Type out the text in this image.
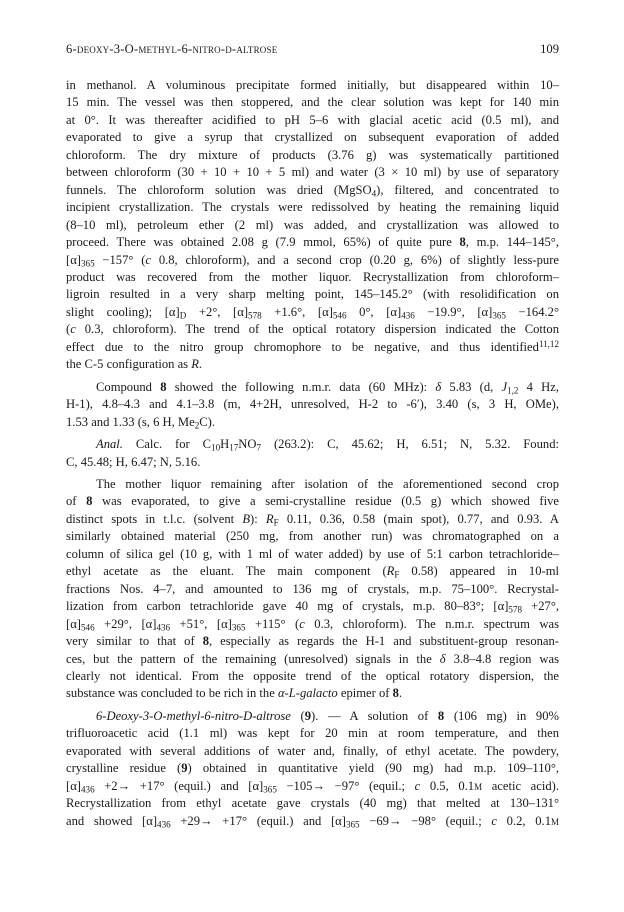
6-deoxy-3-O-methyl-6-nitro-d-altrose	109
in methanol. A voluminous precipitate formed initially, but disappeared within 10–
15 min. The vessel was then stoppered, and the clear solution was kept for 140 min
at 0°. It was thereafter acidified to pH 5–6 with glacial acetic acid (0.5 ml), and
evaporated to give a syrup that crystallized on subsequent evaporation of added
chloroform. The dry mixture of products (3.76 g) was systematically partitioned
between chloroform (30 + 10 + 10 + 5 ml) and water (3 × 10 ml) by use of separatory
funnels. The chloroform solution was dried (MgSO$_4$), filtered, and concentrated to
incipient crystallization. The crystals were redissolved by heating the remaining liquid
(8–10 ml), petroleum ether (2 ml) was added, and crystallization was allowed to
proceed. There was obtained 2.08 g (7.9 mmol, 65%) of quite pure 8, m.p. 144–145°,
$[\alpha]_{365} -157^\circ$ (c 0.8, chloroform), and a second crop (0.20 g, 6%) of slightly less-pure
product was recovered from the mother liquor. Recrystallization from chloroform–
ligroin resulted in a very sharp melting point, 145–145.2° (with resolidification on
slight cooling); $[\alpha]_D +2^\circ$, $[\alpha]_{578} +1.6^\circ$, $[\alpha]_{546}$ 0°, $[\alpha]_{436} -19.9^\circ$, $[\alpha]_{365} -164.2^\circ$
(c 0.3, chloroform). The trend of the optical rotatory dispersion indicated the Cotton
effect due to the nitro group chromophore to be negative, and thus identified$^{11,12}$
the C-5 configuration as R.
Compound 8 showed the following n.m.r. data (60 MHz): δ 5.83 (d, $J_{1,2}$ 4 Hz,
H-1), 4.8–4.3 and 4.1–3.8 (m, 4+2H, unresolved, H-2 to -6′), 3.40 (s, 3 H, OMe),
1.53 and 1.33 (s, 6 H, $Me_2C$).
Anal. Calc. for $C_{10}H_{17}NO_7$ (263.2): C, 45.62; H, 6.51; N, 5.32. Found:
C, 45.48; H, 6.47; N, 5.16.
The mother liquor remaining after isolation of the aforementioned second crop
of 8 was evaporated, to give a semi-crystalline residue (0.5 g) which showed five
distinct spots in t.l.c. (solvent B): $R_F$ 0.11, 0.36, 0.58 (main spot), 0.77, and 0.93. A
similarly obtained material (250 mg, from another run) was chromatographed on a
column of silica gel (10 g, with 1 ml of water added) by use of 5:1 carbon tetrachloride–
ethyl acetate as the eluant. The main component ($R_F$ 0.58) appeared in 10-ml
fractions Nos. 4–7, and amounted to 136 mg of crystals, m.p. 75–100°. Recrystal-
lization from carbon tetrachloride gave 40 mg of crystals, m.p. 80–83°; $[\alpha]_{578} +27^\circ$,
$[\alpha]_{546} +29^\circ$, $[\alpha]_{436} +51^\circ$, $[\alpha]_{365} +115^\circ$ (c 0.3, chloroform). The n.m.r. spectrum was
very similar to that of 8, especially as regards the H-1 and substituent-group resonan-
ces, but the pattern of the remaining (unresolved) signals in the δ 3.8–4.8 region was
clearly not identical. From the opposite trend of the optical rotatory dispersion, the
substance was concluded to be rich in the α-L-galacto epimer of 8.
6-Deoxy-3-O-methyl-6-nitro-D-altrose (9). — A solution of 8 (106 mg) in 90%
trifluoroacetic acid (1.1 ml) was kept for 20 min at room temperature, and then
evaporated with several additions of water and, finally, of ethyl acetate. The powdery,
crystalline residue (9) obtained in quantitative yield (90 mg) had m.p. 109–110°,
$[\alpha]_{436} +2\to +17^\circ$ (equil.) and $[\alpha]_{365} -105\to -97^\circ$ (equil.; c 0.5, 0.1m acetic acid).
Recrystallization from ethyl acetate gave crystals (40 mg) that melted at 130–131°
and showed $[\alpha]_{436} +29\to +17^\circ$ (equil.) and $[\alpha]_{365} -69\to -98^\circ$ (equil.; c 0.2, 0.1m
